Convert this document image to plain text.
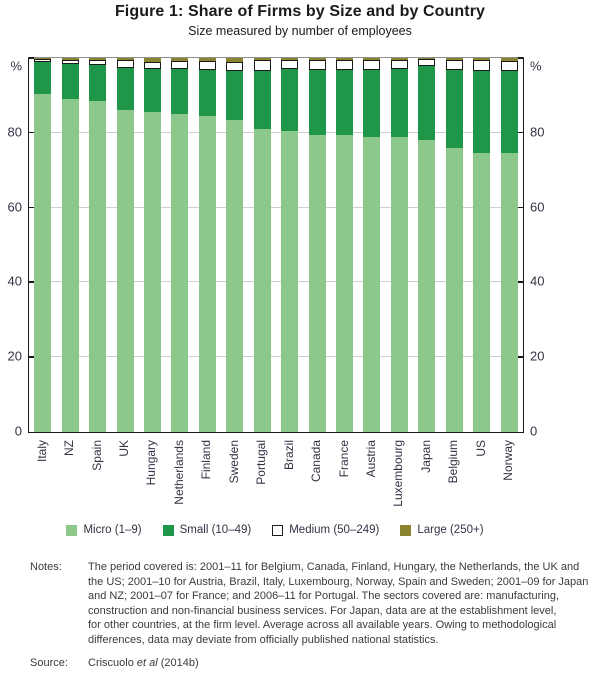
Figure 1: Share of Firms by Size and by Country
Size measured by number of employees
0
20
40
60
80
%
0
20
40
60
80
%
Italy NZ Spain UK Hungary Netherlands Finland Sweden Portugal Brazil Canada France Austria Luxembourg Japan Belgium US Norway
Micro (1–9)	Small (10–49)	Medium (50–249)	Large (250+)
Notes:	The period covered is: 2001–11 for Belgium, Canada, Finland, Hungary, the Netherlands, the UK and
the US; 2001–10 for Austria, Brazil, Italy, Luxembourg, Norway, Spain and Sweden; 2001–09 for Japan
and NZ; 2001–07 for France; and 2006–11 for Portugal. The sectors covered are: manufacturing,
construction and non-financial business services. For Japan, data are at the establishment level,
for other countries, at the firm level. Average across all available years. Owing to methodological
differences, data may deviate from officially published national statistics.
Source:	Criscuolo et al (2014b)
